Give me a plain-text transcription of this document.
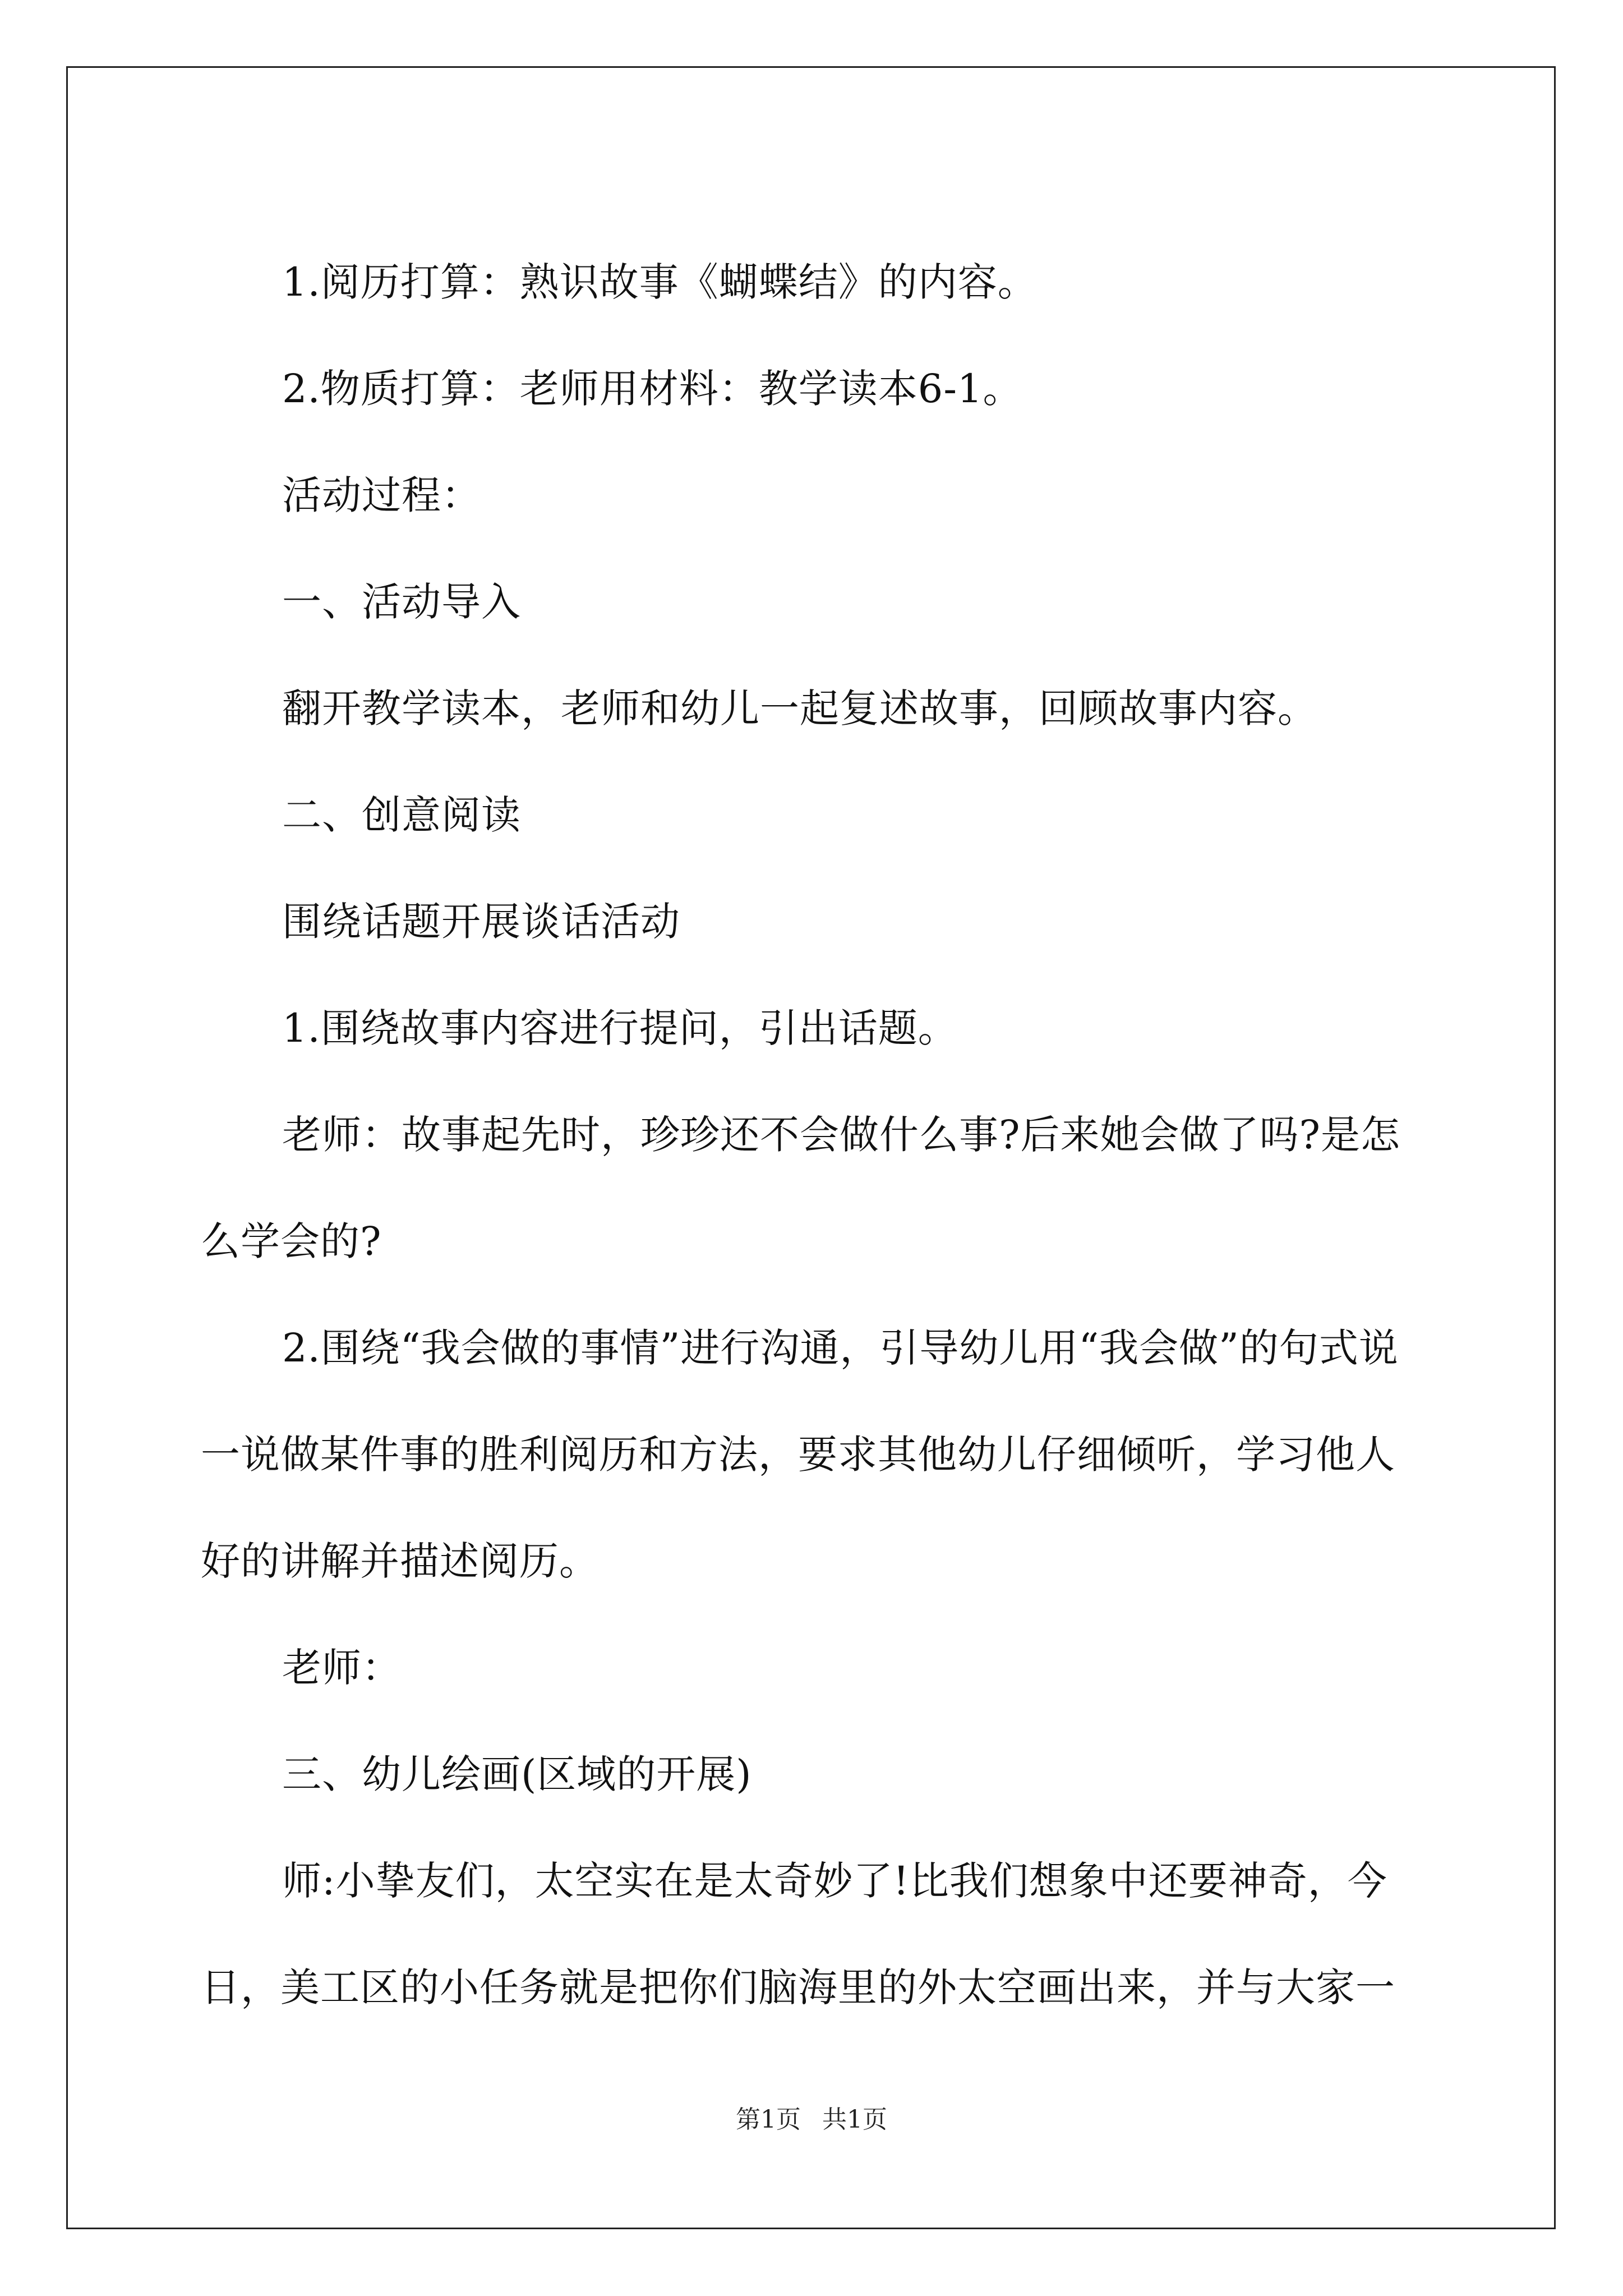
1.阅历打算：熟识故事《蝴蝶结》的内容。

2.物质打算：老师用材料：教学读本6-1。

活动过程：

一、活动导入

翻开教学读本，老师和幼儿一起复述故事，回顾故事内容。

二、创意阅读

围绕话题开展谈话活动

1.围绕故事内容进行提问，引出话题。

老师：故事起先时，珍珍还不会做什么事?后来她会做了吗?是怎么学会的?

2.围绕“我会做的事情”进行沟通，引导幼儿用“我会做”的句式说一说做某件事的胜利阅历和方法，要求其他幼儿仔细倾听，学习他人好的讲解并描述阅历。

老师：

三、幼儿绘画(区域的开展)

师:小挚友们，太空实在是太奇妙了!比我们想象中还要神奇，今日，美工区的小任务就是把你们脑海里的外太空画出来，并与大家一

第1页 共1页
